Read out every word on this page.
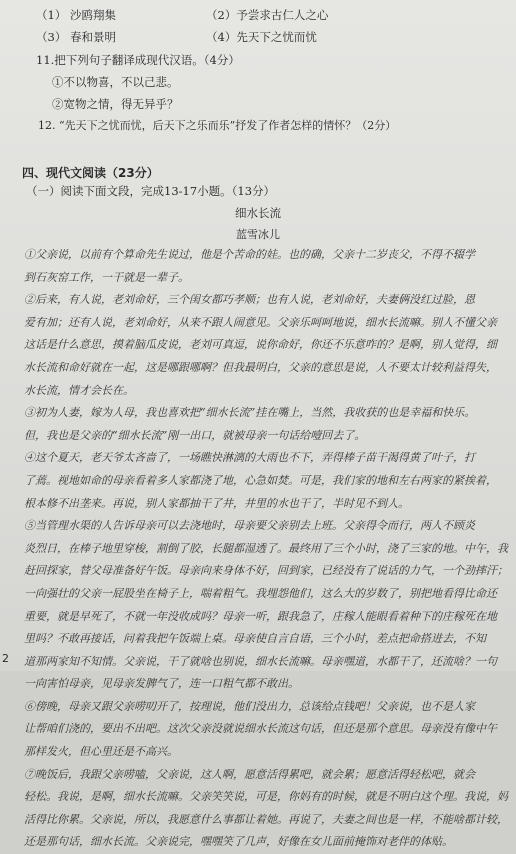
（1） 沙鸥翔集	（2）予尝求古仁人之心
（3） 春和景明	（4）先天下之忧而忧
11.把下列句子翻译成现代汉语。（4分）
①不以物喜，不以己悲。
②宽物之情，得无异乎？
12. “先天下之忧而忧，后天下之乐而乐”抒发了作者怎样的情怀？（2分）
四、现代文阅读（23分）
（一）阅读下面文段，完成13-17小题。（13分）
细水长流
蓝雪冰儿
①父亲说，以前有个算命先生说过，他是个苦命的娃。也的确，父亲十二岁丧父，不得不辍学
到石灰窑工作，一干就是一辈子。
②后来，有人说，老刘命好，三个闺女都巧孝顺；也有人说，老刘命好，夫妻俩没红过脸，恩
爱有加；还有人说，老刘命好，从来不跟人闹意见。父亲乐呵呵地说，细水长流嘛。别人不懂父亲
这话是什么意思，摸着脑瓜皮说，老刘可真逗，说你命好，你还不乐意咋的？是啊，别人觉得，细
水长流和命好就在一起，这是哪跟哪啊？但我最明白，父亲的意思是说，人不要太计较利益得失，
水长流，情才会长在。
③初为人妻，嫁为人母，我也喜欢把“细水长流”挂在嘴上，当然，我收获的也是幸福和快乐。
但，我也是父亲的“细水长流”刚一出口，就被母亲一句话给噎回去了。
④这个夏天，老天爷太吝啬了，一场瞧快淋漓的大雨也不下，弄得棒子苗干渴得黄了叶子，打
了蔫。视地如命的母亲看着多人家都浇了地，心急如焚。可是，我们家的地和左右两家的紧挨着，
根本修不出垄来。再说，别人家都抽干了井，井里的水也干了，半时见不到人。
⑤当管理水渠的人告诉母亲可以去浇地时，母亲要父亲别去上班。父亲得令而行，两人不顾炎
炎烈日，在棒子地里穿梭，割倒了胶，长腿都湿透了。最终用了三个小时，浇了三家的地。中午，我
赶回探家，替父母准备好午饭。母亲向来身体不好，回到家，已经没有了说话的力气，一个劲摔汗；
一向强壮的父亲一屁股坐在椅子上，喘着粗气。我埋怨他们，这么大的岁数了，别把地看得比命还
重要，就是早死了，不就一年没收成吗？母亲一听，跟我急了，庄稼人能眼看着种下的庄稼死在地
里吗？不敢再接话，问着我把午饭端上桌。母亲使自言自语，三个小时，差点把命搭进去，不知
道那两家知不知情。父亲说，干了就啥也别说，细水长流嘛。母亲嘿道，水都干了，还流啥？一句
一向害怕母亲，见母亲发脾气了，连一口粗气都不敢出。
⑥傍晚，母亲又跟父亲唠叨开了，按理说，他们没出力，总该给点钱吧！父亲说，也不是人家
让帮咱们浇的，要出不出吧。这次父亲没就说细水长流这句话，但还是那个意思。母亲没有像中午
那样发火，但心里还是不高兴。
⑦晚饭后，我跟父亲唠嗑，父亲说，这人啊，愿意活得累吧，就会累；愿意活得轻松吧，就会
轻松。我说，是啊，细水长流嘛。父亲笑笑说，可是，你妈有的时候，就是不明白这个理。我说，妈
活得比你累。父亲说，所以，我愿意什么事都让着她。再说了，夫妻之间也是一样，不能啥都计较，
还是那句话，细水长流。父亲说完，嘿嘿笑了几声，好像在女儿面前掩饰对老伴的体贴。
2
